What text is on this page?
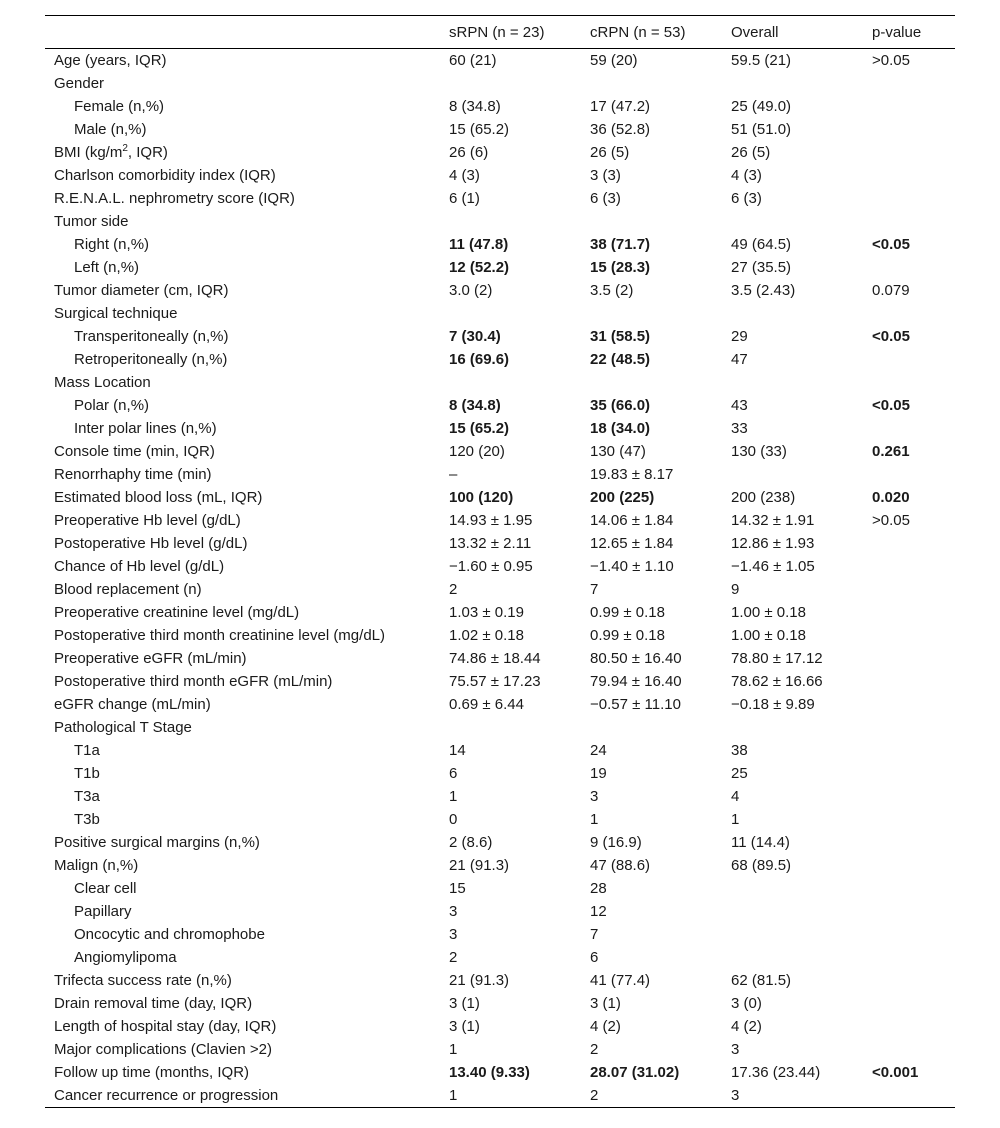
	sRPN (n = 23)	cRPN (n = 53)	Overall	p-value
Age (years, IQR)	60 (21)	59 (20)	59.5 (21)	>0.05
Gender				
Female (n,%)	8 (34.8)	17 (47.2)	25 (49.0)	
Male (n,%)	15 (65.2)	36 (52.8)	51 (51.0)	
BMI ($kg/m^2$, IQR)	26 (6)	26 (5)	26 (5)	
Charlson comorbidity index (IQR)	4 (3)	3 (3)	4 (3)	
R.E.N.A.L. nephrometry score (IQR)	6 (1)	6 (3)	6 (3)	
Tumor side				
Right (n,%)	11 (47.8)	38 (71.7)	49 (64.5)	<0.05
Left (n,%)	12 (52.2)	15 (28.3)	27 (35.5)	
Tumor diameter (cm, IQR)	3.0 (2)	3.5 (2)	3.5 (2.43)	0.079
Surgical technique				
Transperitoneally (n,%)	7 (30.4)	31 (58.5)	29	<0.05
Retroperitoneally (n,%)	16 (69.6)	22 (48.5)	47	
Mass Location				
Polar (n,%)	8 (34.8)	35 (66.0)	43	<0.05
Inter polar lines (n,%)	15 (65.2)	18 (34.0)	33	
Console time (min, IQR)	120 (20)	130 (47)	130 (33)	0.261
Renorrhaphy time (min)	–	19.83 ± 8.17		
Estimated blood loss (mL, IQR)	100 (120)	200 (225)	200 (238)	0.020
Preoperative Hb level (g/dL)	14.93 ± 1.95	14.06 ± 1.84	14.32 ± 1.91	>0.05
Postoperative Hb level (g/dL)	13.32 ± 2.11	12.65 ± 1.84	12.86 ± 1.93	
Chance of Hb level (g/dL)	−1.60 ± 0.95	−1.40 ± 1.10	−1.46 ± 1.05	
Blood replacement (n)	2	7	9	
Preoperative creatinine level (mg/dL)	1.03 ± 0.19	0.99 ± 0.18	1.00 ± 0.18	
Postoperative third month creatinine level (mg/dL)	1.02 ± 0.18	0.99 ± 0.18	1.00 ± 0.18	
Preoperative eGFR (mL/min)	74.86 ± 18.44	80.50 ± 16.40	78.80 ± 17.12	
Postoperative third month eGFR (mL/min)	75.57 ± 17.23	79.94 ± 16.40	78.62 ± 16.66	
eGFR change (mL/min)	0.69 ± 6.44	−0.57 ± 11.10	−0.18 ± 9.89	
Pathological T Stage				
T1a	14	24	38	
T1b	6	19	25	
T3a	1	3	4	
T3b	0	1	1	
Positive surgical margins (n,%)	2 (8.6)	9 (16.9)	11 (14.4)	
Malign (n,%)	21 (91.3)	47 (88.6)	68 (89.5)	
Clear cell	15	28		
Papillary	3	12		
Oncocytic and chromophobe	3	7		
Angiomylipoma	2	6		
Trifecta success rate (n,%)	21 (91.3)	41 (77.4)	62 (81.5)	
Drain removal time (day, IQR)	3 (1)	3 (1)	3 (0)	
Length of hospital stay (day, IQR)	3 (1)	4 (2)	4 (2)	
Major complications (Clavien >2)	1	2	3	
Follow up time (months, IQR)	13.40 (9.33)	28.07 (31.02)	17.36 (23.44)	<0.001
Cancer recurrence or progression	1	2	3	
